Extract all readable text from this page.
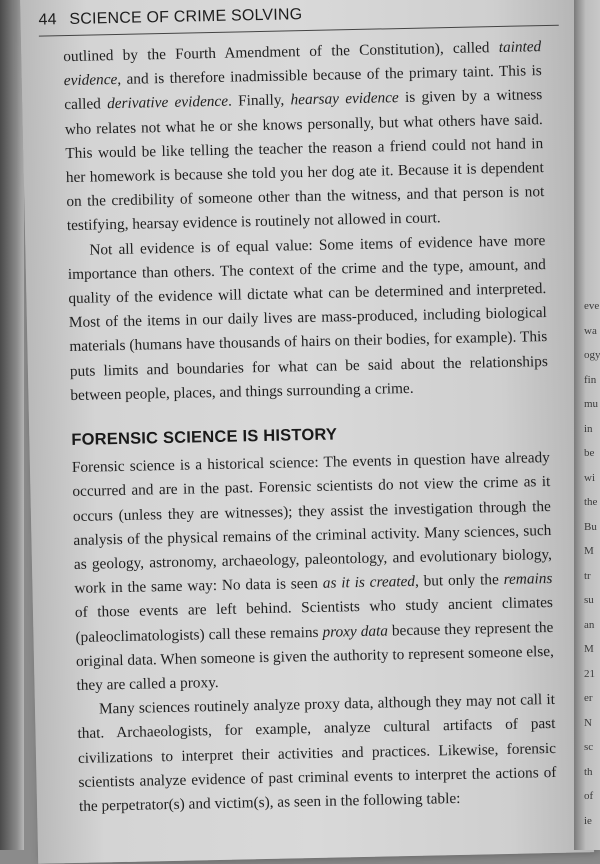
44 SCIENCE OF CRIME SOLVING

outlined by the Fourth Amendment of the Constitution), called tainted evidence, and is therefore inadmissible because of the primary taint. This is called derivative evidence. Finally, hearsay evidence is given by a witness who relates not what he or she knows personally, but what others have said. This would be like telling the teacher the reason a friend could not hand in her homework is because she told you her dog ate it. Because it is dependent on the credibility of someone other than the witness, and that person is not testifying, hearsay evidence is routinely not allowed in court.

Not all evidence is of equal value: Some items of evidence have more importance than others. The context of the crime and the type, amount, and quality of the evidence will dictate what can be determined and interpreted. Most of the items in our daily lives are mass-produced, including biological materials (humans have thousands of hairs on their bodies, for example). This puts limits and boundaries for what can be said about the relationships between people, places, and things surrounding a crime.

FORENSIC SCIENCE IS HISTORY

Forensic science is a historical science: The events in question have already occurred and are in the past. Forensic scientists do not view the crime as it occurs (unless they are witnesses); they assist the investigation through the analysis of the physical remains of the criminal activity. Many sciences, such as geology, astronomy, archaeology, paleontology, and evolutionary biology, work in the same way: No data is seen as it is created, but only the remains of those events are left behind. Scientists who study ancient climates (paleoclimatologists) call these remains proxy data because they represent the original data. When someone is given the authority to represent someone else, they are called a proxy.

Many sciences routinely analyze proxy data, although they may not call it that. Archaeologists, for example, analyze cultural artifacts of past civilizations to interpret their activities and practices. Likewise, forensic scientists analyze evidence of past criminal events to interpret the actions of the perpetrator(s) and victim(s), as seen in the following table:

eve
wa
ogy
fin
mu
in
be
wi
the
Bu
M
tr
su
an
M
21
er
N
sc
th
of
ie
